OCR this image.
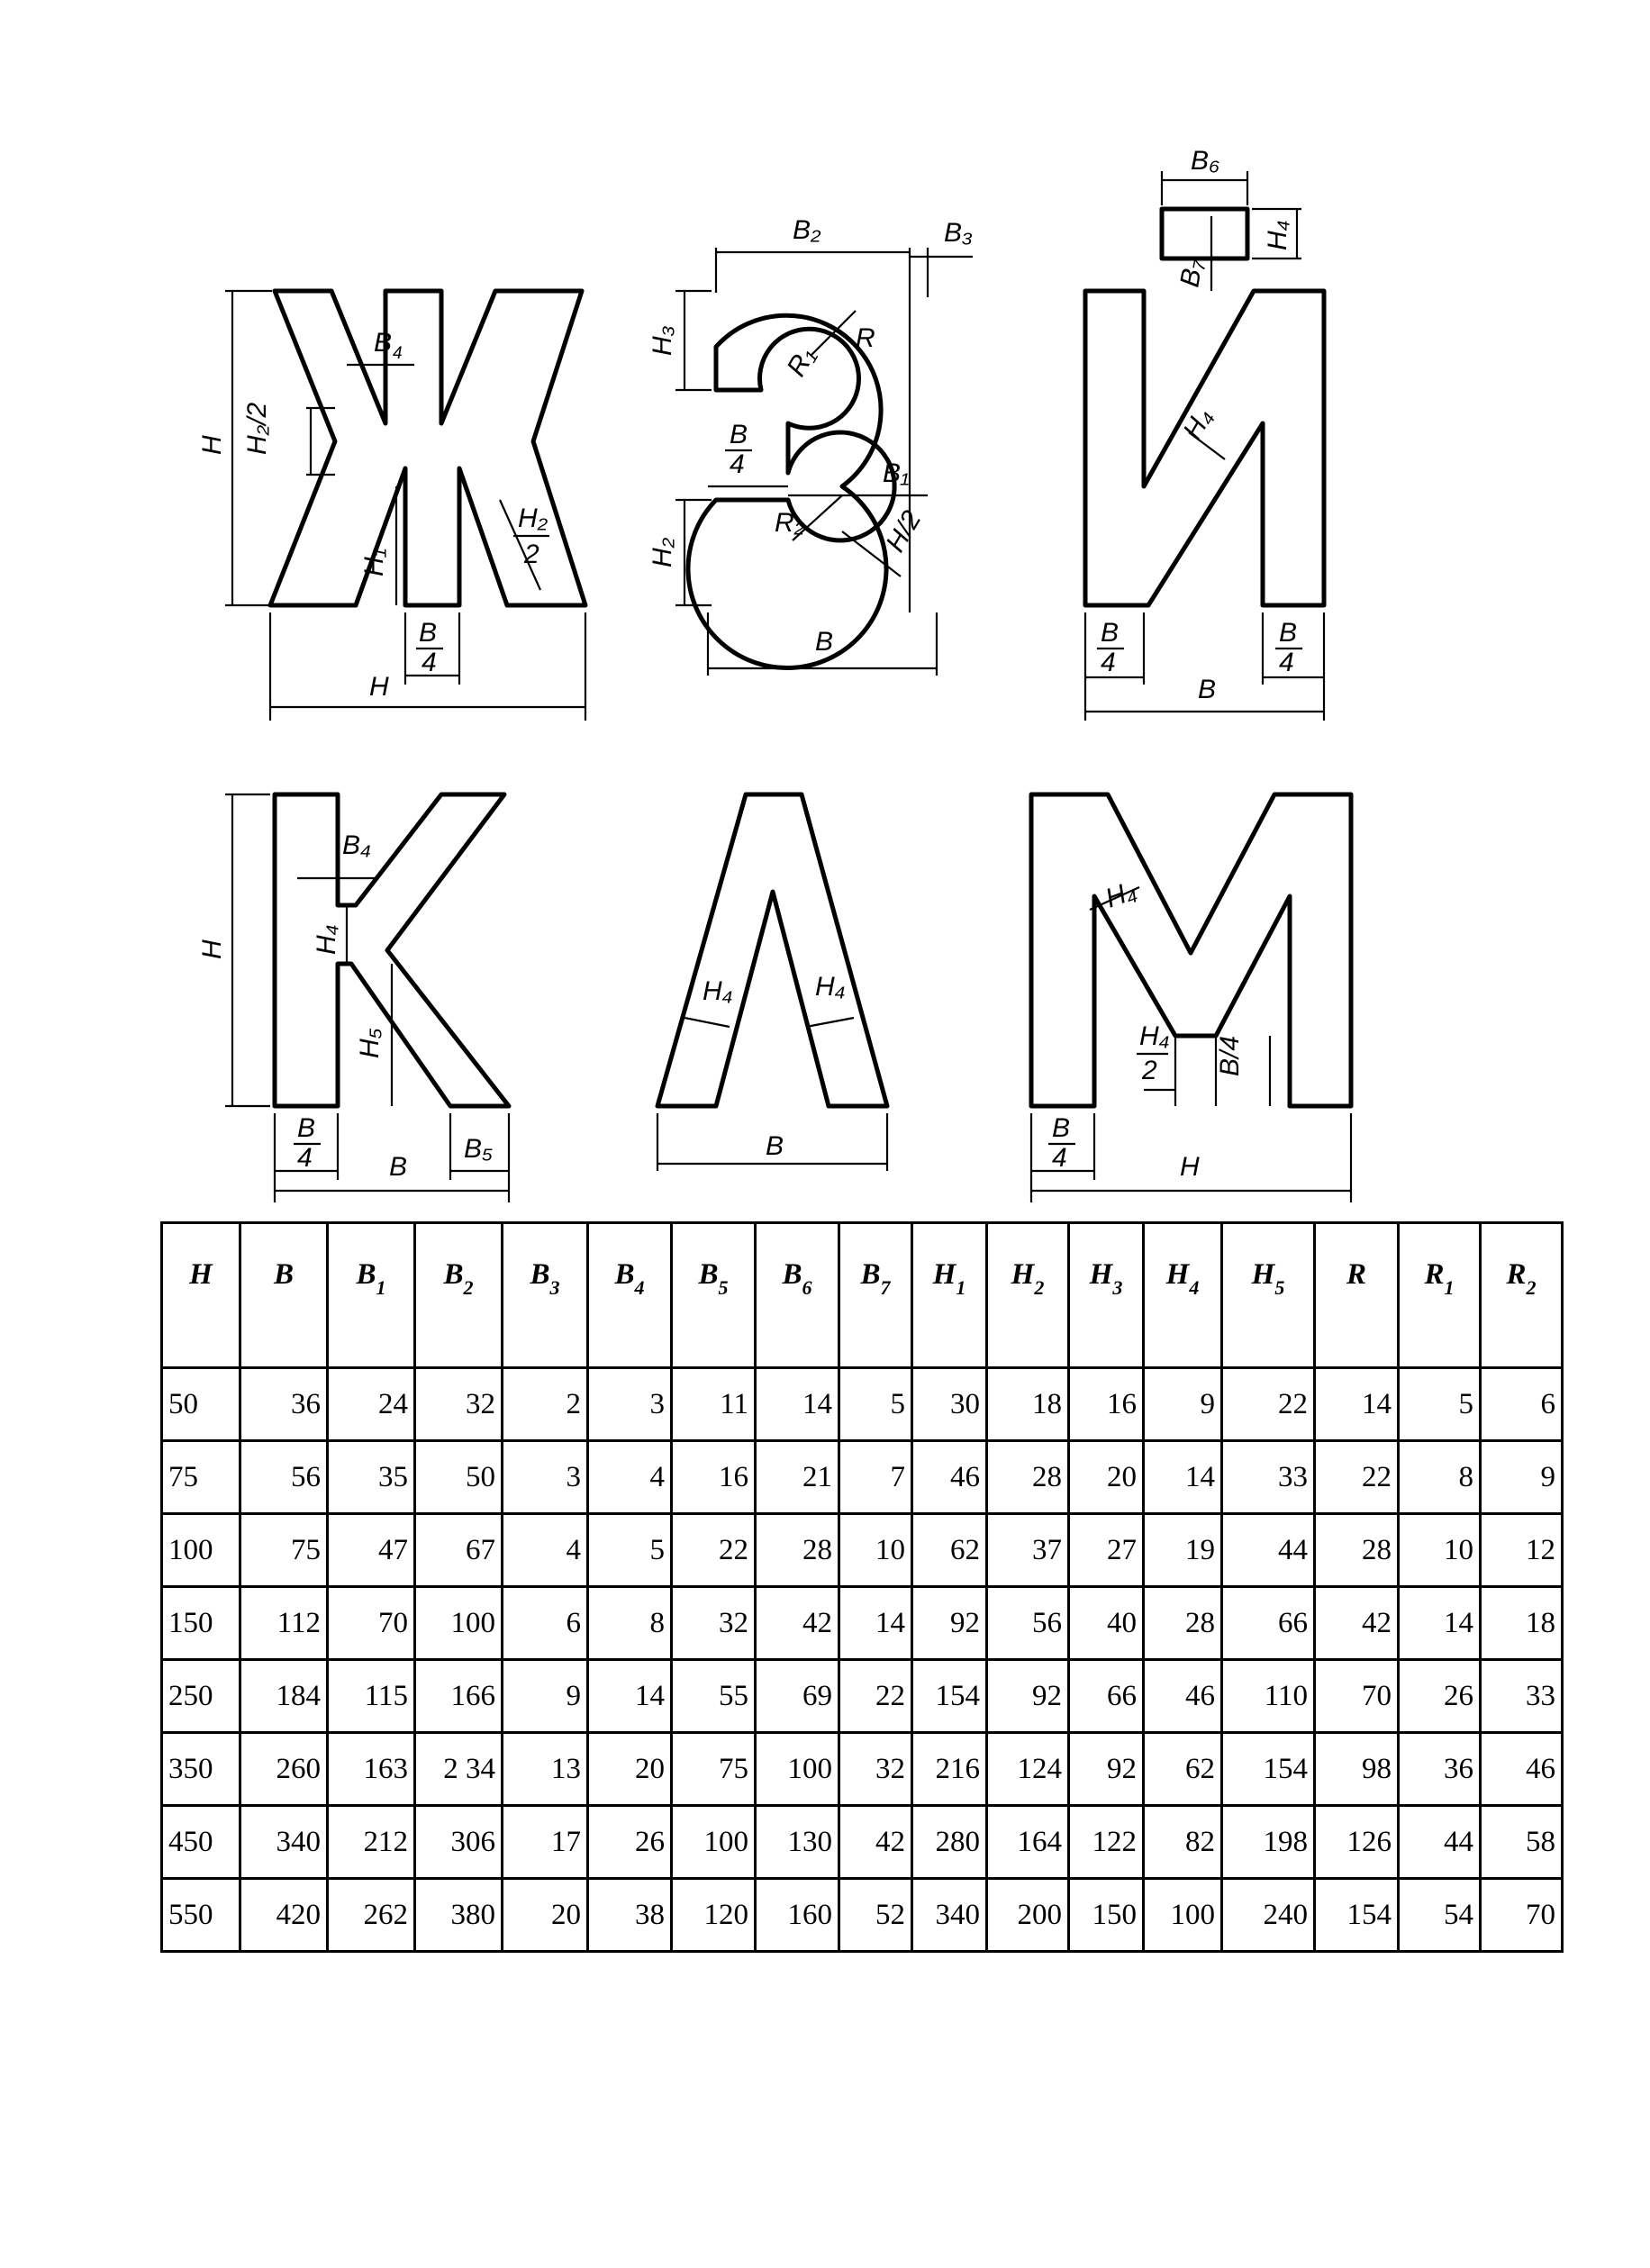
H
H
B
4
B 4
H₂/2
H₁
H₂
2
B₂	B₃
H₃
H₂
B
4
B
B₁
R
R₁
R₂	H/2
B₆
H₄
B₇
B
B
4
B
4
H₄
H
B₄
H₄
H₅
B
B
4	B₅	B
H₄	H₄
H₄
H₄
2 B/4
H
B
4
H	B	$B_1$	$B_2$	$B_3$	$B_4$	$B_5$	$B_6$	$B_7$	$H_1$	$H_2$	$H_3$	$H_4$	$H_5$	R	$R_1$	$R_2$
50	36	24	32	2	3	11	14	5	30	18	16	9	22	14	5	6
75	56	35	50	3	4	16	21	7	46	28	20	14	33	22	8	9
100	75	47	67	4	5	22	28	10	62	37	27	19	44	28	10	12
150	112	70	100	6	8	32	42	14	92	56	40	28	66	42	14	18
250	184	115	166	9	14	55	69	22	154	92	66	46	110	70	26	33
350	260	163	2 34	13	20	75	100	32	216	124	92	62	154	98	36	46
450	340	212	306	17	26	100	130	42	280	164	122	82	198	126	44	58
550	420	262	380	20	38	120	160	52	340	200	150	100	240	154	54	70
